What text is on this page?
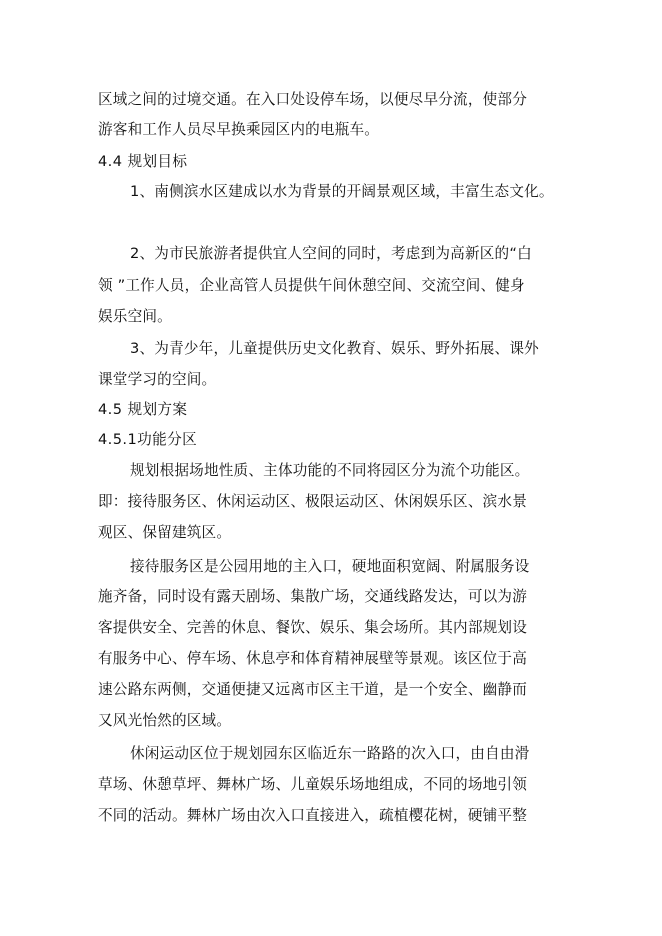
区域之间的过境交通。在入口处设停车场，以便尽早分流，使部分
游客和工作人员尽早换乘园区内的电瓶车。
4.4 规划目标
1、南侧滨水区建成以水为背景的开阔景观区域，丰富生态文化。
2、为市民旅游者提供宜人空间的同时，考虑到为高新区的“白
领 ”工作人员，企业高管人员提供午间休憩空间、交流空间、健身
娱乐空间。
3、为青少年，儿童提供历史文化教育、娱乐、野外拓展、课外
课堂学习的空间。
4.5 规划方案
4.5.1功能分区
规划根据场地性质、主体功能的不同将园区分为流个功能区。
即：接待服务区、休闲运动区、极限运动区、休闲娱乐区、滨水景
观区、保留建筑区。
接待服务区是公园用地的主入口，硬地面积宽阔、附属服务设
施齐备，同时设有露天剧场、集散广场，交通线路发达，可以为游
客提供安全、完善的休息、餐饮、娱乐、集会场所。其内部规划设
有服务中心、停车场、休息亭和体育精神展壁等景观。该区位于高
速公路东两侧，交通便捷又远离市区主干道，是一个安全、幽静而
又风光怡然的区域。
休闲运动区位于规划园东区临近东一路路的次入口，由自由滑
草场、休憩草坪、舞林广场、儿童娱乐场地组成，不同的场地引领
不同的活动。舞林广场由次入口直接进入，疏植樱花树，硬铺平整
